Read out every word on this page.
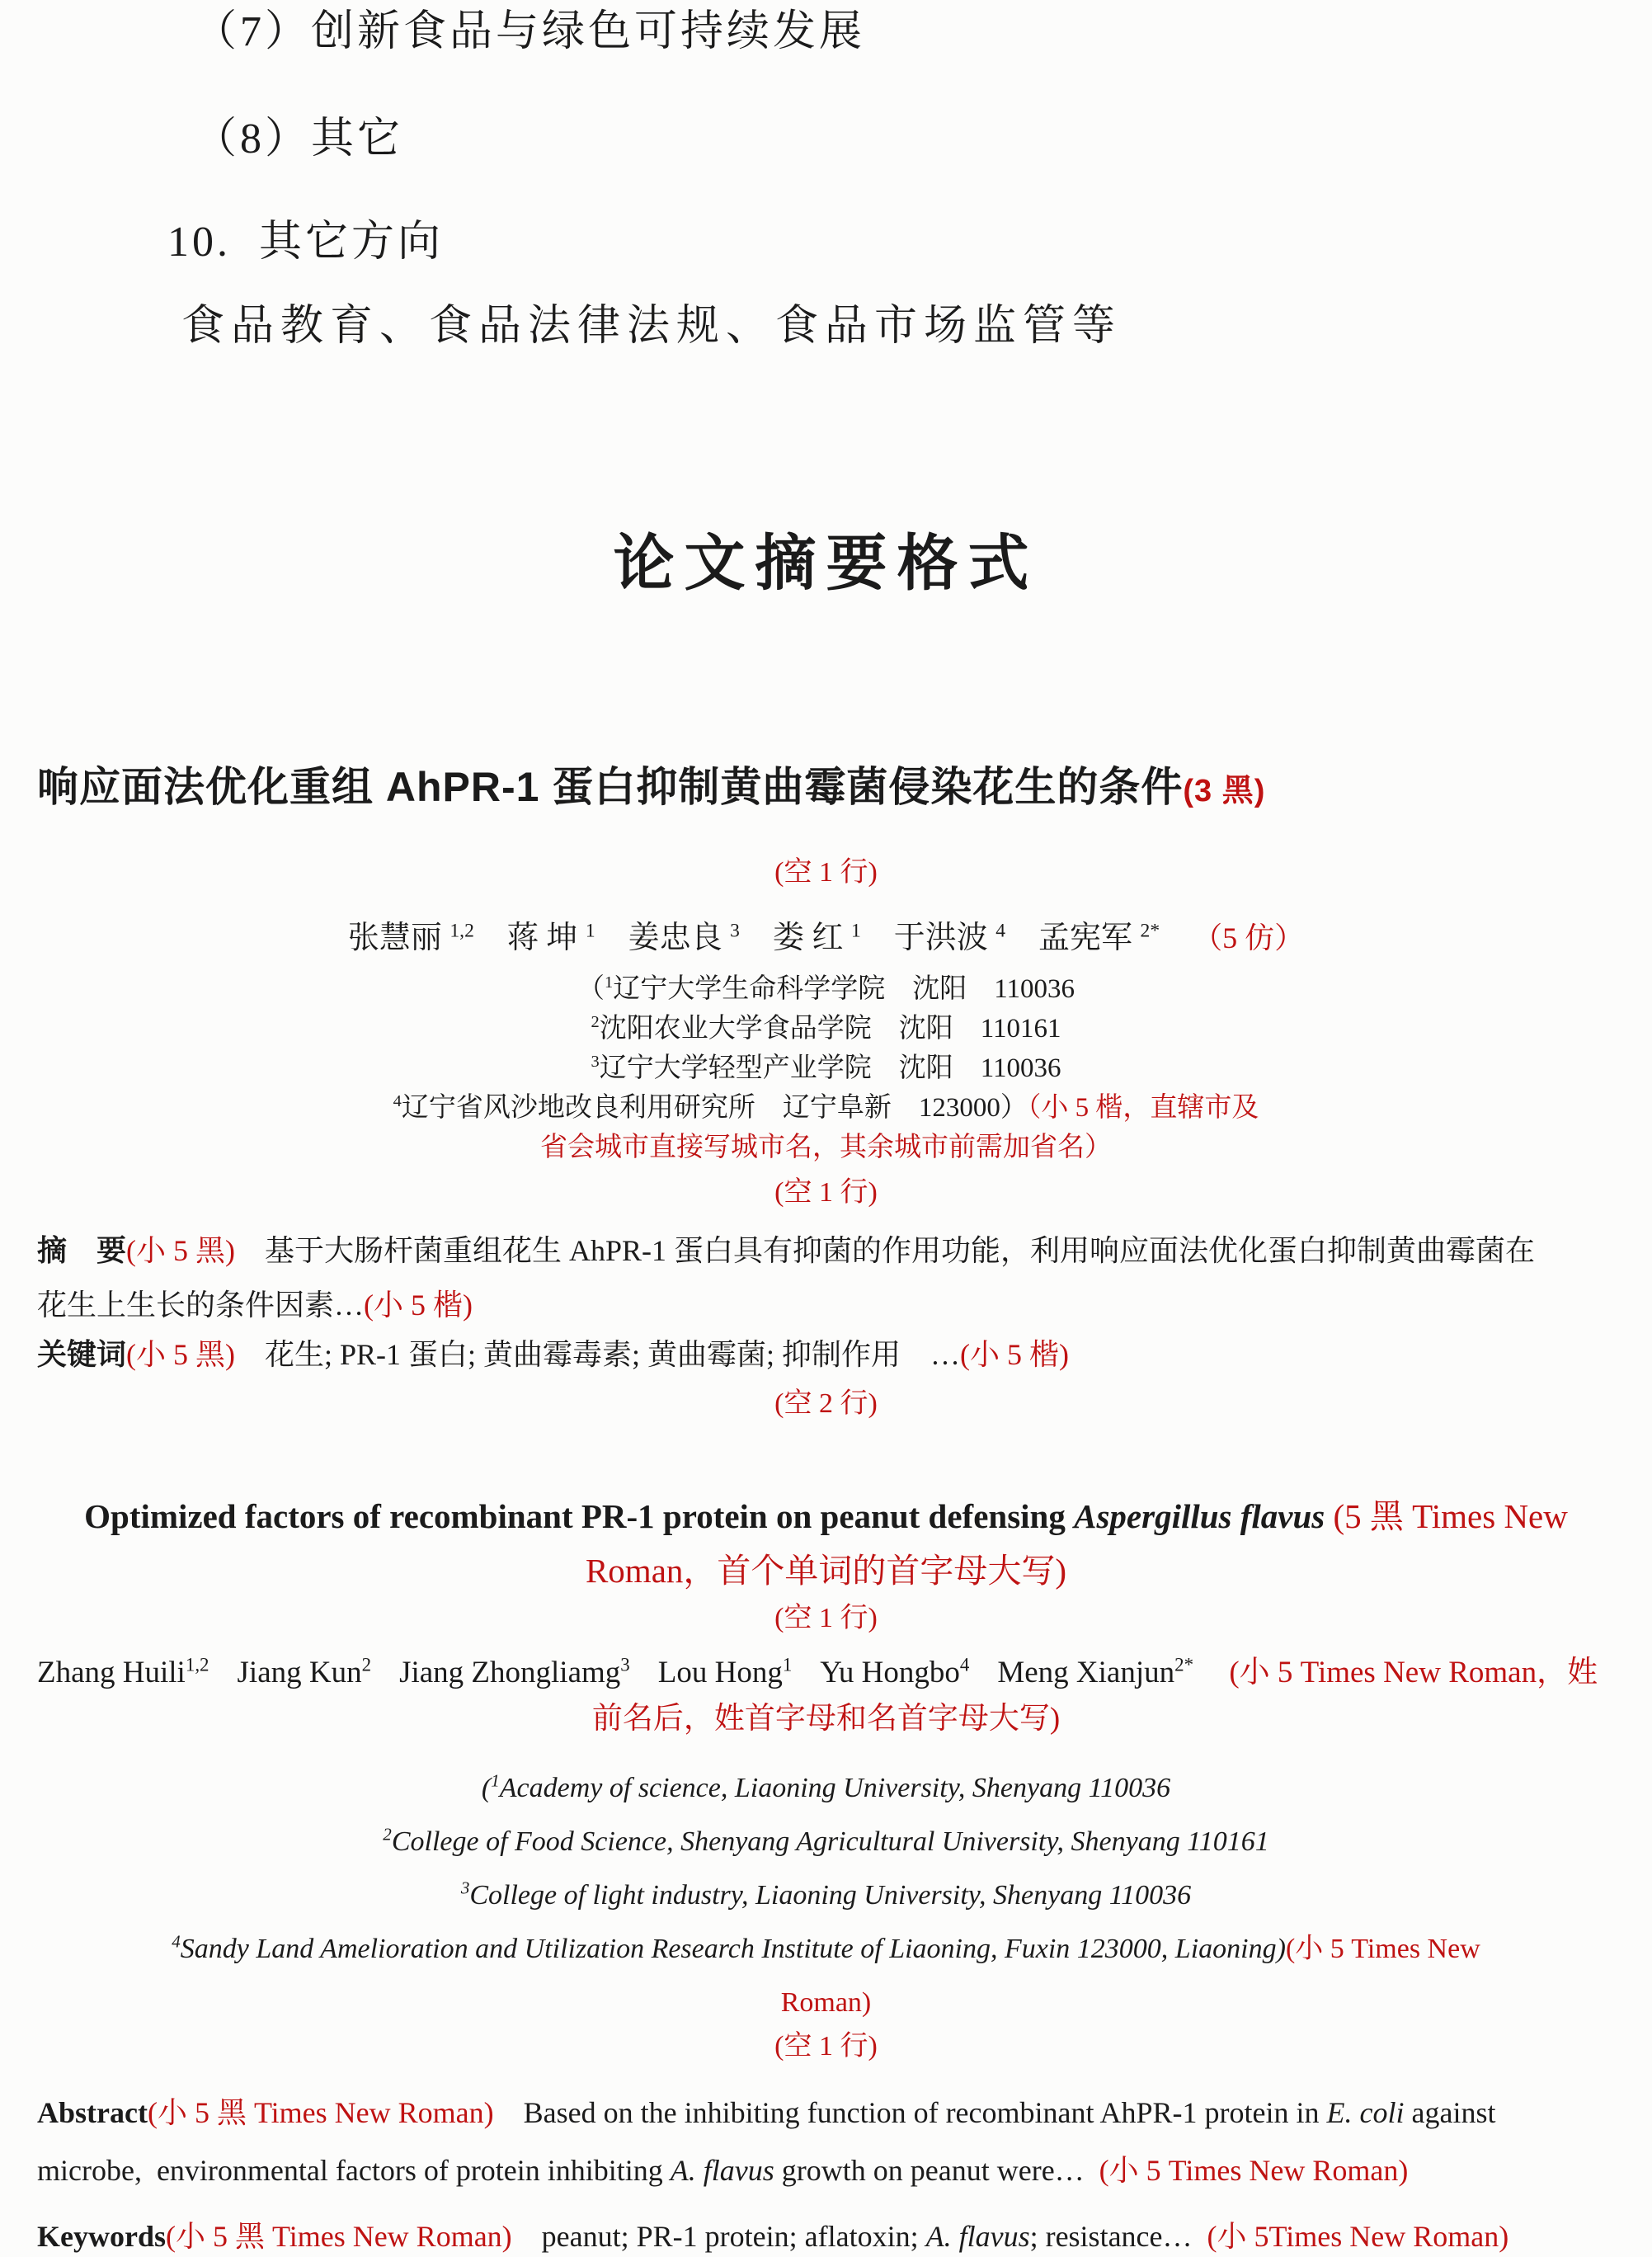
（7）创新食品与绿色可持续发展

（8）其它

10.  其它方向

食品教育、食品法律法规、食品市场监管等

论文摘要格式

响应面法优化重组 AhPR-1 蛋白抑制黄曲霉菌侵染花生的条件(3 黑)

(空 1 行)

张慧丽 $^{1,2}$ 蒋 坤 $^1$ 姜忠良 $^3$ 娄 红 $^1$ 于洪波 $^4$ 孟宪军 $^{2*}$ （5 仿）

（$^1$辽宁大学生命科学学院　沈阳　110036

$^2$沈阳农业大学食品学院　沈阳　110161

$^3$辽宁大学轻型产业学院　沈阳　110036

$^4$辽宁省风沙地改良利用研究所　辽宁阜新　123000）（小 5 楷，直辖市及

省会城市直接写城市名，其余城市前需加省名）

(空 1 行)

摘　要(小 5 黑)　 基于大肠杆菌重组花生 AhPR-1 蛋白具有抑菌的作用功能，利用响应面法优化蛋白抑制黄曲霉菌在
花生上生长的条件因素…(小 5 楷)

关键词(小 5 黑)　花生; PR-1 蛋白; 黄曲霉毒素; 黄曲霉菌; 抑制作用　…(小 5 楷)

(空 2 行)

Optimized factors of recombinant PR-1 protein on peanut defensing Aspergillus flavus (5 黑 Times New
Roman，首个单词的首字母大写)

(空 1 行)

Zhang Huili$^{1,2}$ Jiang Kun$^2$ Jiang Zhongliamg$^3$ Lou Hong$^1$ Yu Hongbo$^4$ Meng Xianjun$^{2*}$ (小 5 Times New Roman，姓

前名后，姓首字母和名首字母大写)

($^1$Academy of science, Liaoning University, Shenyang 110036

$^2$College of Food Science, Shenyang Agricultural University, Shenyang 110161

$^3$College of light industry, Liaoning University, Shenyang 110036

$^4$Sandy Land Amelioration and Utilization Research Institute of Liaoning, Fuxin 123000, Liaoning)(小 5 Times New

Roman)

(空 1 行)

Abstract(小 5 黑 Times New Roman)　Based on the inhibiting function of recombinant AhPR-1 protein in E. coli against
microbe,  environmental factors of protein inhibiting A. flavus growth on peanut were…  (小 5 Times New Roman)

Keywords(小 5 黑 Times New Roman)　peanut; PR-1 protein; aflatoxin; A. flavus; resistance…  (小 5Times New Roman)
